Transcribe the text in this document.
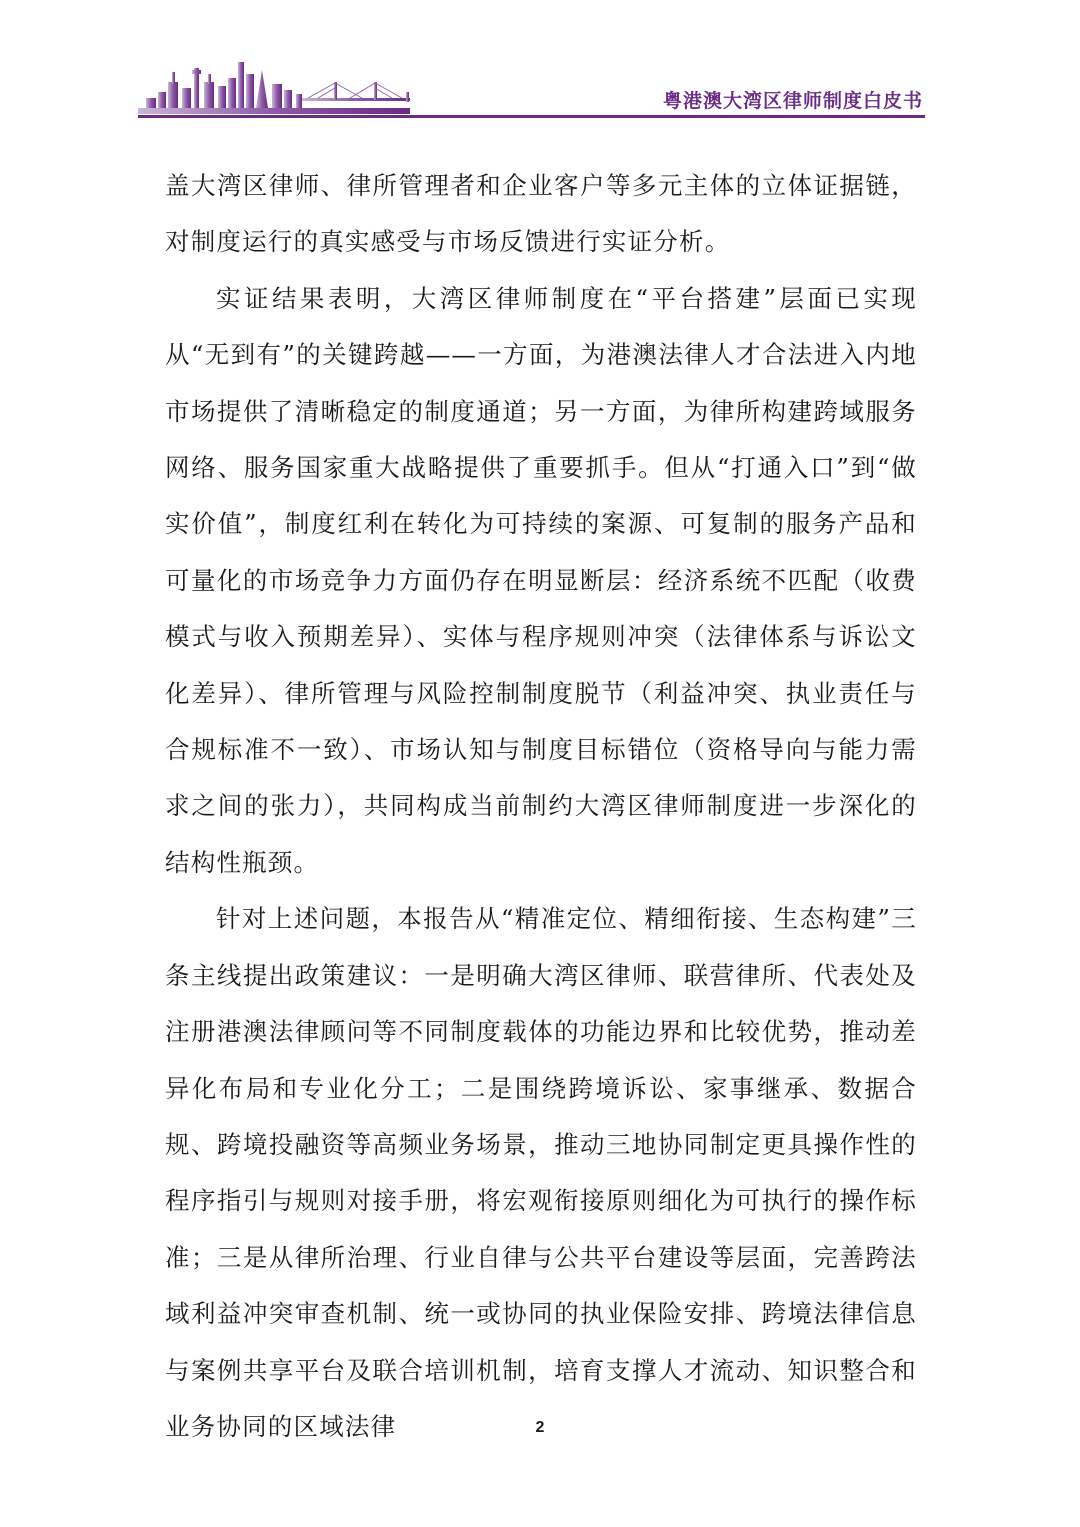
粤港澳大湾区律师制度白皮书

盖大湾区律师、律所管理者和企业客户等多元主体的立体证据链，对制度运行的真实感受与市场反馈进行实证分析。

实证结果表明，大湾区律师制度在“平台搭建”层面已实现从“无到有”的关键跨越——一方面，为港澳法律人才合法进入内地市场提供了清晰稳定的制度通道；另一方面，为律所构建跨域服务网络、服务国家重大战略提供了重要抓手。但从“打通入口”到“做实价值”，制度红利在转化为可持续的案源、可复制的服务产品和可量化的市场竞争力方面仍存在明显断层：经济系统不匹配（收费模式与收入预期差异）、实体与程序规则冲突（法律体系与诉讼文化差异）、律所管理与风险控制制度脱节（利益冲突、执业责任与合规标准不一致）、市场认知与制度目标错位（资格导向与能力需求之间的张力），共同构成当前制约大湾区律师制度进一步深化的结构性瓶颈。

针对上述问题，本报告从“精准定位、精细衔接、生态构建”三条主线提出政策建议：一是明确大湾区律师、联营律所、代表处及注册港澳法律顾问等不同制度载体的功能边界和比较优势，推动差异化布局和专业化分工；二是围绕跨境诉讼、家事继承、数据合规、跨境投融资等高频业务场景，推动三地协同制定更具操作性的程序指引与规则对接手册，将宏观衔接原则细化为可执行的操作标准；三是从律所治理、行业自律与公共平台建设等层面，完善跨法域利益冲突审查机制、统一或协同的执业保险安排、跨境法律信息与案例共享平台及联合培训机制，培育支撑人才流动、知识整合和业务协同的区域法律	2
